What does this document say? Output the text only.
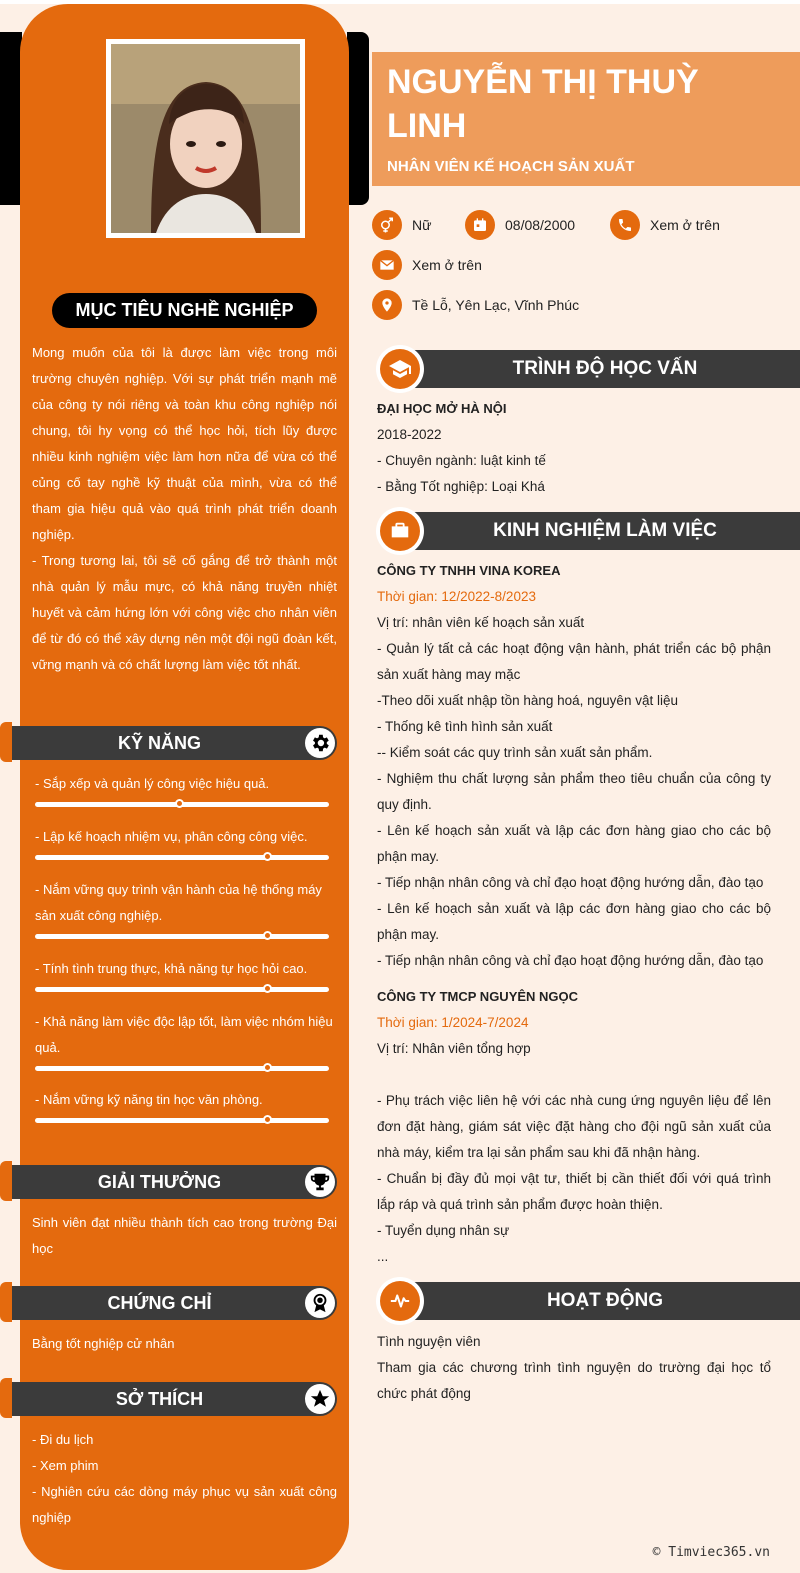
MỤC TIÊU NGHỀ NGHIỆP
Mong muốn của tôi là được làm việc trong môi trường chuyên nghiệp. Với sự phát triển mạnh mẽ của công ty nói riêng và toàn khu công nghiệp nói chung, tôi hy vọng có thể học hỏi, tích lũy được nhiều kinh nghiệm việc làm hơn nữa để vừa có thể củng cố tay nghề kỹ thuật của mình, vừa có thể tham gia hiệu quả vào quá trình phát triển doanh nghiệp.
- Trong tương lai, tôi sẽ cố gắng để trở thành một nhà quản lý mẫu mực, có khả năng truyền nhiệt huyết và cảm hứng lớn với công việc cho nhân viên để từ đó có thể xây dựng nên một đội ngũ đoàn kết, vững mạnh và có chất lượng làm việc tốt nhất.
KỸ NĂNG
- Sắp xếp và quản lý công việc hiệu quả.
- Lập kế hoạch nhiệm vụ, phân công công việc.
- Nắm vững quy trình vận hành của hệ thống máy sản xuất công nghiệp.
- Tính tình trung thực, khả năng tự học hỏi cao.
- Khả năng làm việc độc lập tốt, làm việc nhóm hiệu quả.
- Nắm vững kỹ năng tin học văn phòng.
GIẢI THƯỞNG
Sinh viên đạt nhiều thành tích cao trong trường Đại học
CHỨNG CHỈ
Bằng tốt nghiệp cử nhân
SỞ THÍCH
- Đi du lịch
- Xem phim
- Nghiên cứu các dòng máy phục vụ sản xuất công nghiệp
NGUYỄN THỊ THUỲ LINH
NHÂN VIÊN KẾ HOẠCH SẢN XUẤT
Nữ	08/08/2000	Xem ở trên
Xem ở trên
Tề Lỗ, Yên Lạc, Vĩnh Phúc
TRÌNH ĐỘ HỌC VẤN
ĐẠI HỌC MỞ HÀ NỘI
2018-2022
- Chuyên ngành: luật kinh tế
- Bằng Tốt nghiệp: Loại Khá
KINH NGHIỆM LÀM VIỆC
CÔNG TY TNHH VINA KOREA
Thời gian: 12/2022-8/2023
Vị trí: nhân viên kế hoạch sản xuất
- Quản lý tất cả các hoạt động vận hành, phát triển các bộ phận sản xuất hàng may mặc
-Theo dõi xuất nhập tồn hàng hoá, nguyên vật liệu
- Thống kê tình hình sản xuất
-- Kiểm soát các quy trình sản xuất sản phẩm.
- Nghiệm thu chất lượng sản phẩm theo tiêu chuẩn của công ty quy định.
- Lên kế hoạch sản xuất và lập các đơn hàng giao cho các bộ phận may.
- Tiếp nhận nhân công và chỉ đạo hoạt động hướng dẫn, đào tạo
- Lên kế hoạch sản xuất và lập các đơn hàng giao cho các bộ phận may.
- Tiếp nhận nhân công và chỉ đạo hoạt động hướng dẫn, đào tạo
CÔNG TY TMCP NGUYÊN NGỌC
Thời gian: 1/2024-7/2024
Vị trí: Nhân viên tổng hợp
- Phụ trách việc liên hệ với các nhà cung ứng nguyên liệu để lên đơn đặt hàng, giám sát việc đặt hàng cho đội ngũ sản xuất của nhà máy, kiểm tra lại sản phẩm sau khi đã nhận hàng.
- Chuẩn bị đầy đủ mọi vật tư, thiết bị cần thiết đối với quá trình lắp ráp và quá trình sản phẩm được hoàn thiện.
- Tuyển dụng nhân sự
...
HOẠT ĐỘNG
Tình nguyện viên
Tham gia các chương trình tình nguyện do trường đại học tổ chức phát động
© Timviec365.vn
